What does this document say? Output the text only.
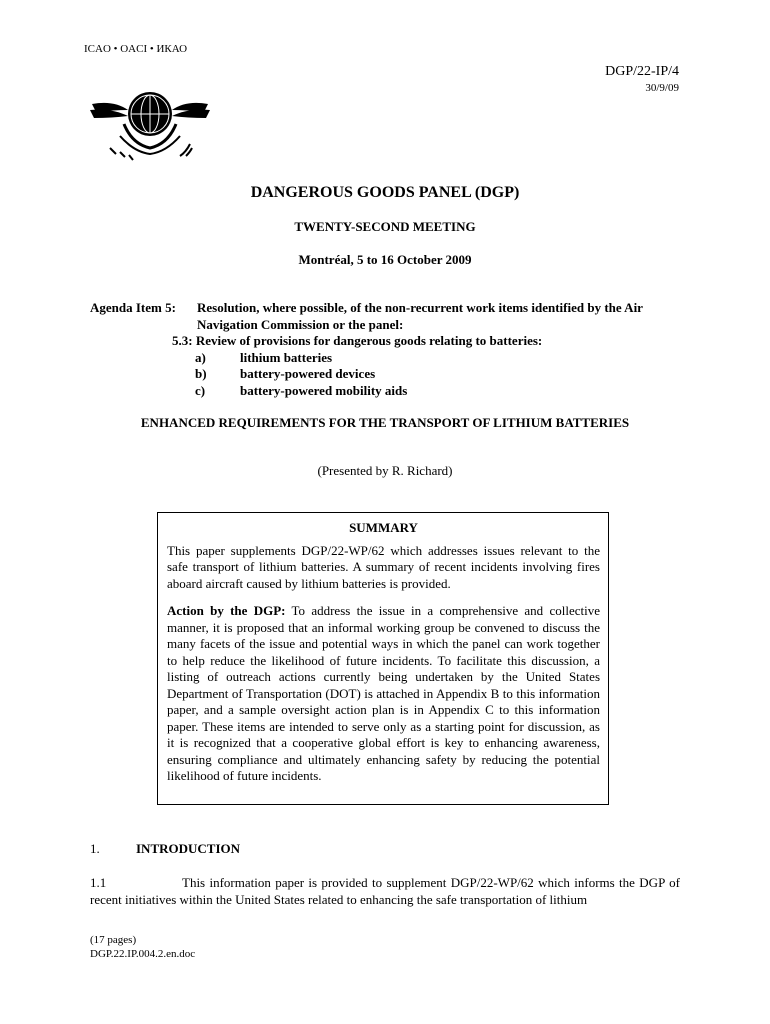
ICAO • OACI • ИКАО
DGP/22-IP/4
30/9/09
DANGEROUS GOODS PANEL (DGP)
TWENTY-SECOND MEETING
Montréal, 5 to 16 October 2009
Agenda Item 5: Resolution, where possible, of the non-recurrent work items identified by the Air
Navigation Commission or the panel:
5.3: Review of provisions for dangerous goods relating to batteries:
a)	lithium batteries
b)	battery-powered devices
c)	battery-powered mobility aids
ENHANCED REQUIREMENTS FOR THE TRANSPORT OF LITHIUM BATTERIES
(Presented by R. Richard)
SUMMARY

This paper supplements DGP/22-WP/62 which addresses issues relevant to the safe transport of lithium batteries. A summary of recent incidents involving fires aboard aircraft caused by lithium batteries is provided.

Action by the DGP: To address the issue in a comprehensive and collective manner, it is proposed that an informal working group be convened to discuss the many facets of the issue and potential ways in which the panel can work together to help reduce the likelihood of future incidents. To facilitate this discussion, a listing of outreach actions currently being undertaken by the United States Department of Transportation (DOT) is attached in Appendix B to this information paper, and a sample oversight action plan is in Appendix C to this information paper. These items are intended to serve only as a starting point for discussion, as it is recognized that a cooperative global effort is key to enhancing awareness, ensuring compliance and ultimately enhancing safety by reducing the potential likelihood of future incidents.

1.	INTRODUCTION
1.1	This information paper is provided to supplement DGP/22-WP/62 which informs the DGP of recent initiatives within the United States related to enhancing the safe transportation of lithium
(17 pages)
DGP.22.IP.004.2.en.doc
